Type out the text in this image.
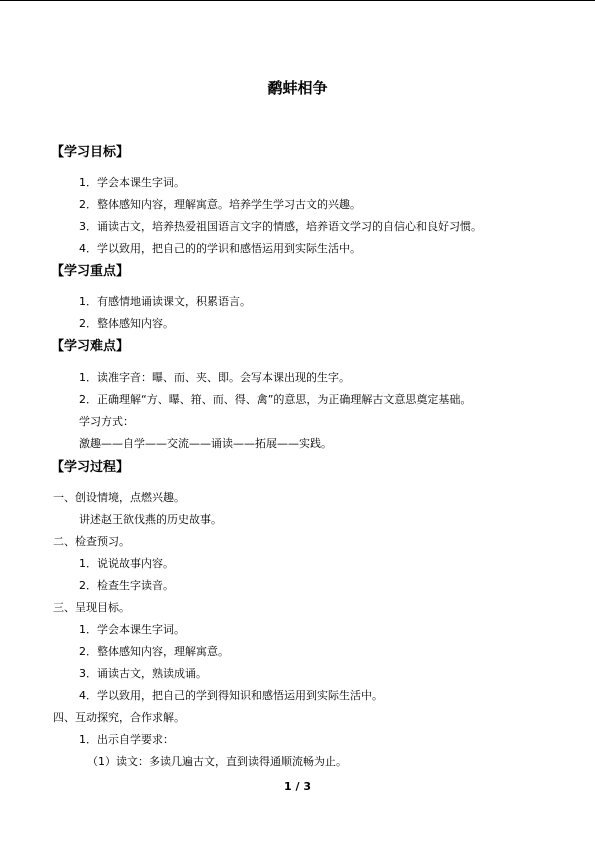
鹬蚌相争
【学习目标】
1．学会本课生字词。
2．整体感知内容，理解寓意。培养学生学习古文的兴趣。
3．诵读古文，培养热爱祖国语言文字的情感，培养语文学习的自信心和良好习惯。
4．学以致用，把自己的的学识和感悟运用到实际生活中。
【学习重点】
1．有感情地诵读课文，积累语言。
2．整体感知内容。
【学习难点】
1．读准字音：曝、而、夹、即。会写本课出现的生字。
2．正确理解“方、曝、箝、而、得、禽”的意思，为正确理解古文意思奠定基础。
学习方式：
激趣——自学——交流——诵读——拓展——实践。
【学习过程】
一、创设情境，点燃兴趣。
讲述赵王欲伐燕的历史故事。
二、检查预习。
1．说说故事内容。
2．检查生字读音。
三、呈现目标。
1．学会本课生字词。
2．整体感知内容，理解寓意。
3．诵读古文，熟读成诵。
4．学以致用，把自己的学到得知识和感悟运用到实际生活中。
四、互动探究，合作求解。
1．出示自学要求：
（1）读文：多读几遍古文，直到读得通顺流畅为止。
1 / 3
